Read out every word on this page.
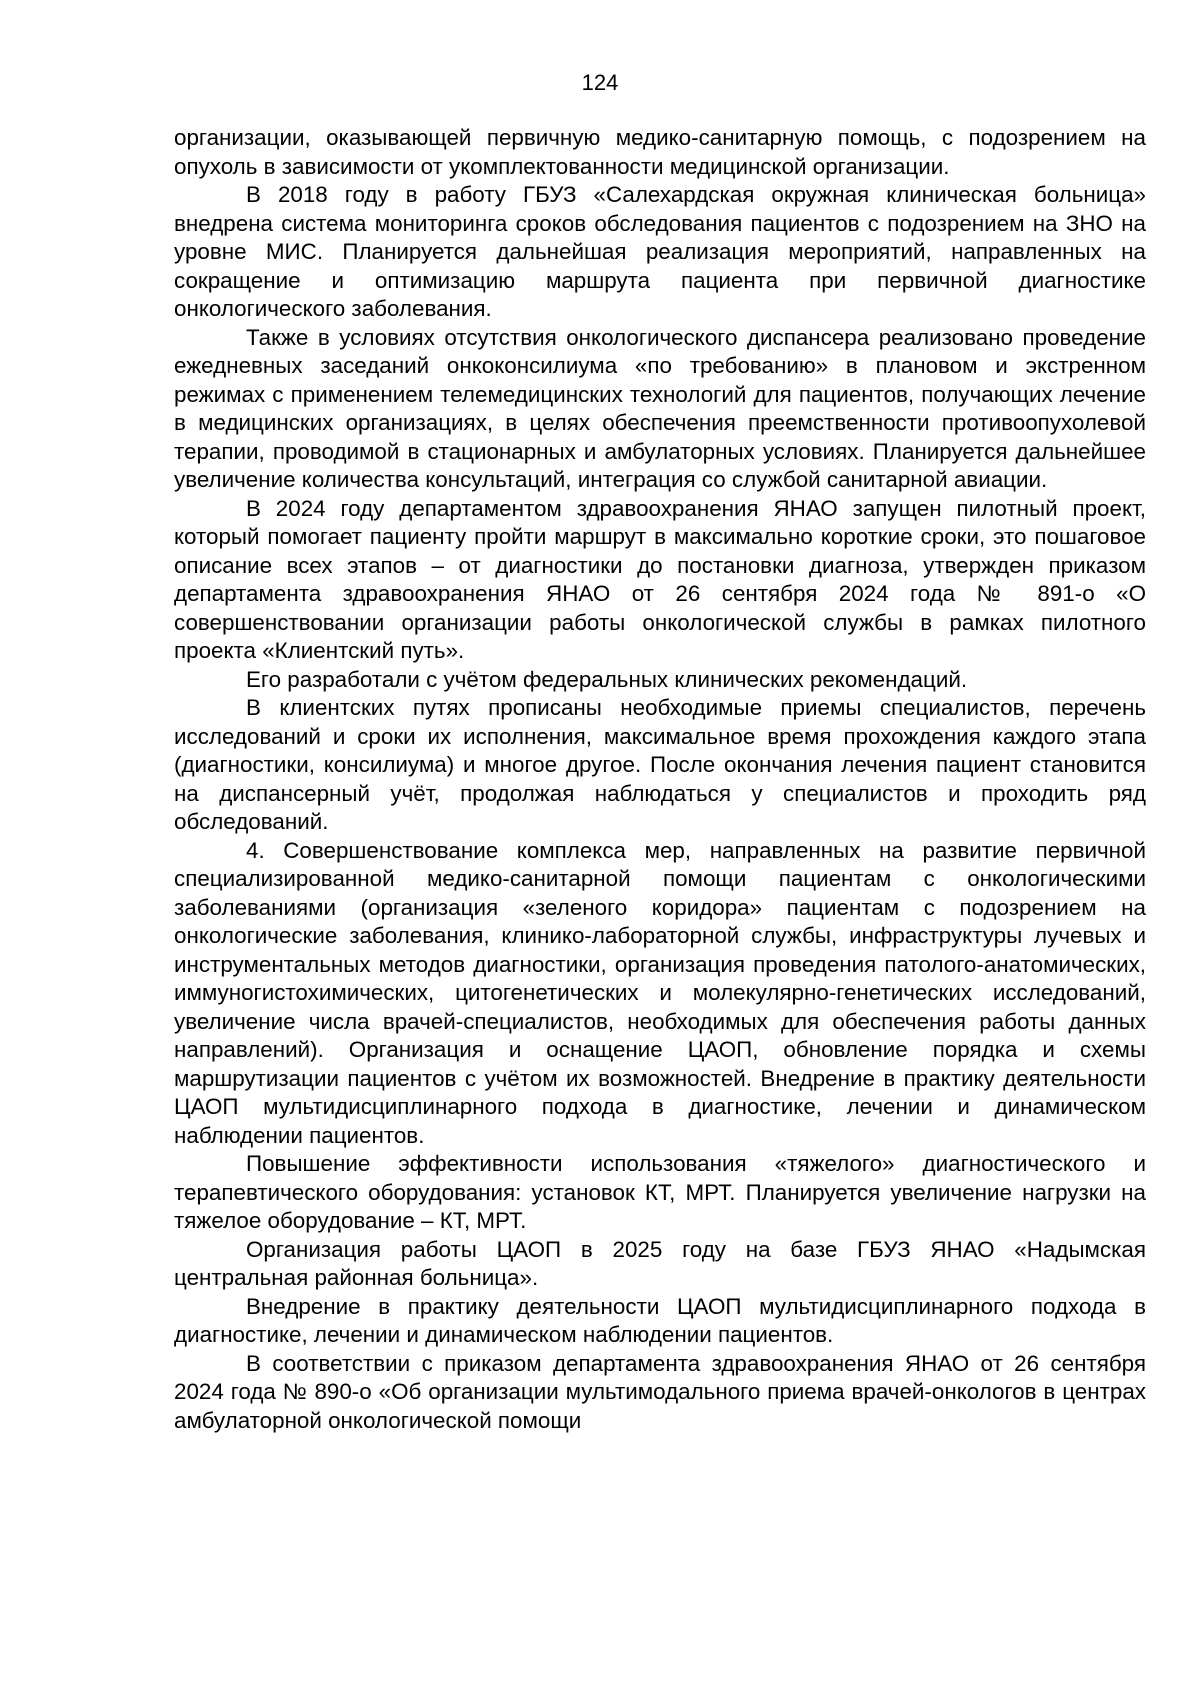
124

организации, оказывающей первичную медико-санитарную помощь, с подозрением на опухоль в зависимости от укомплектованности медицинской организации.

В 2018 году в работу ГБУЗ «Салехардская окружная клиническая больница» внедрена система мониторинга сроков обследования пациентов с подозрением на ЗНО на уровне МИС. Планируется дальнейшая реализация мероприятий, направленных на сокращение и оптимизацию маршрута пациента при первичной диагностике онкологического заболевания.

Также в условиях отсутствия онкологического диспансера реализовано проведение ежедневных заседаний онкоконсилиума «по требованию» в плановом и экстренном режимах с применением телемедицинских технологий для пациентов, получающих лечение в медицинских организациях, в целях обеспечения преемственности противоопухолевой терапии, проводимой в стационарных и амбулаторных условиях. Планируется дальнейшее увеличение количества консультаций, интеграция со службой санитарной авиации.

В 2024 году департаментом здравоохранения ЯНАО запущен пилотный проект, который помогает пациенту пройти маршрут в максимально короткие сроки, это пошаговое описание всех этапов – от диагностики до постановки диагноза, утвержден приказом департамента здравоохранения ЯНАО от 26 сентября 2024 года № 891-о «О совершенствовании организации работы онкологической службы в рамках пилотного проекта «Клиентский путь».

Его разработали с учётом федеральных клинических рекомендаций.

В клиентских путях прописаны необходимые приемы специалистов, перечень исследований и сроки их исполнения, максимальное время прохождения каждого этапа (диагностики, консилиума) и многое другое. После окончания лечения пациент становится на диспансерный учёт, продолжая наблюдаться у специалистов и проходить ряд обследований.

4. Совершенствование комплекса мер, направленных на развитие первичной специализированной медико-санитарной помощи пациентам с онкологическими заболеваниями (организация «зеленого коридора» пациентам с подозрением на онкологические заболевания, клинико-лабораторной службы, инфраструктуры лучевых и инструментальных методов диагностики, организация проведения патолого-анатомических, иммуногистохимических, цитогенетических и молекулярно-генетических исследований, увеличение числа врачей-специалистов, необходимых для обеспечения работы данных направлений). Организация и оснащение ЦАОП, обновление порядка и схемы маршрутизации пациентов с учётом их возможностей. Внедрение в практику деятельности ЦАОП мультидисциплинарного подхода в диагностике, лечении и динамическом наблюдении пациентов.

Повышение эффективности использования «тяжелого» диагностического и терапевтического оборудования: установок КТ, МРТ. Планируется увеличение нагрузки на тяжелое оборудование – КТ, МРТ.

Организация работы ЦАОП в 2025 году на базе ГБУЗ ЯНАО «Надымская центральная районная больница».

Внедрение в практику деятельности ЦАОП мультидисциплинарного подхода в диагностике, лечении и динамическом наблюдении пациентов.

В соответствии с приказом департамента здравоохранения ЯНАО от 26 сентября 2024 года № 890-о «Об организации мультимодального приема врачей-онкологов в центрах амбулаторной онкологической помощи
